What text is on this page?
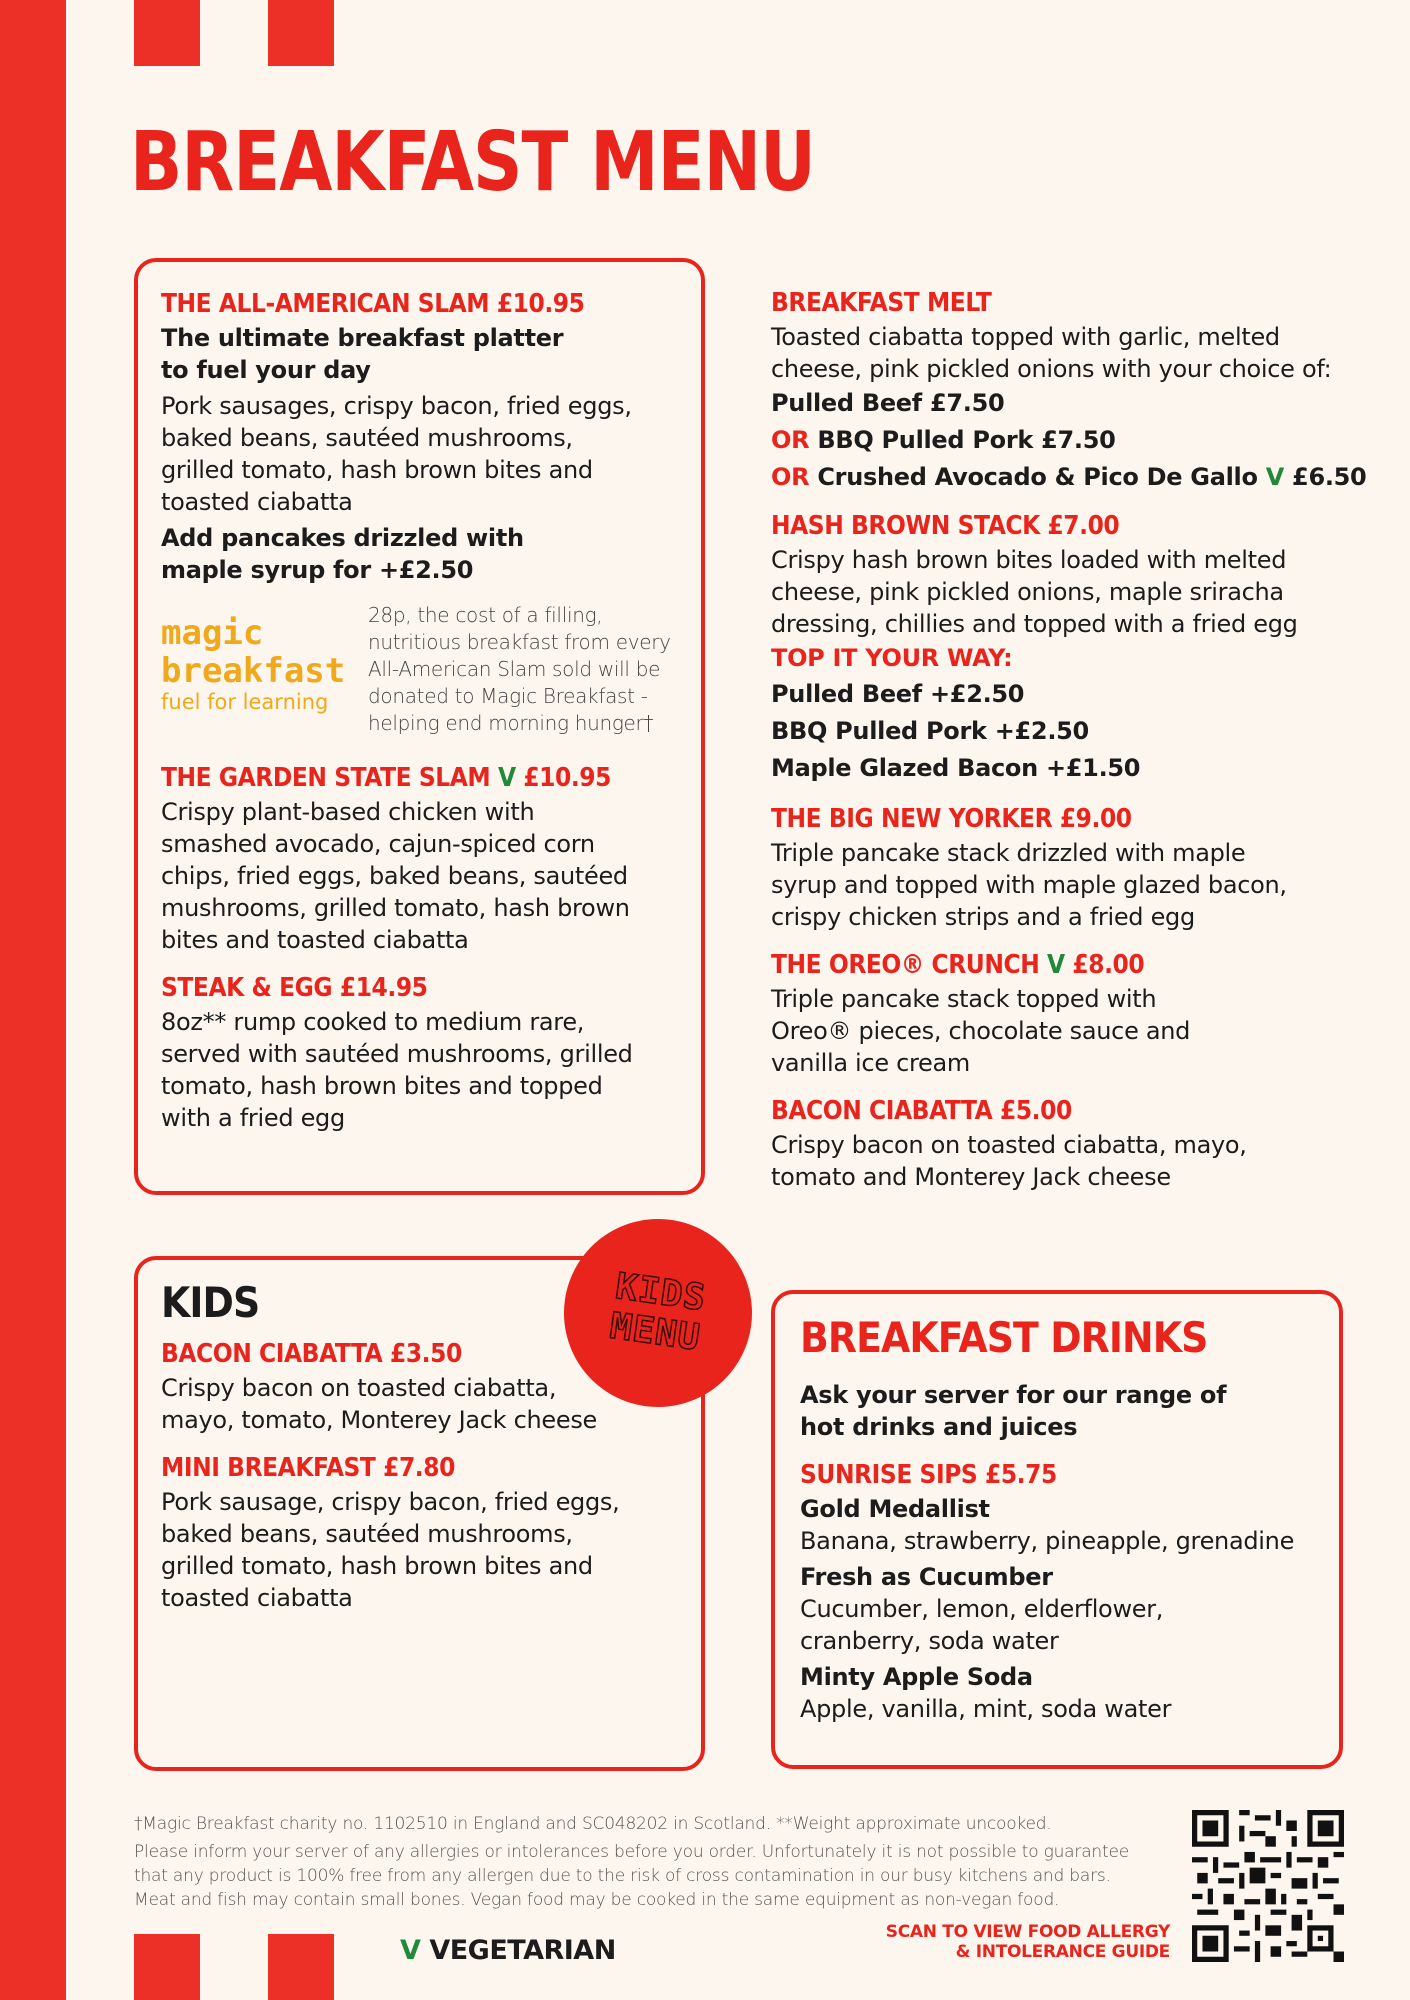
BREAKFAST MENU

THE ALL-AMERICAN SLAM £10.95

The ultimate breakfast platter
to fuel your day

Pork sausages, crispy bacon, fried eggs,
baked beans, sautéed mushrooms,
grilled tomato, hash brown bites and
toasted ciabatta

Add pancakes drizzled with
maple syrup for +£2.50

magic
breakfast
fuel for learning
28p, the cost of a filling,
nutritious breakfast from every
All-American Slam sold will be
donated to Magic Breakfast -
helping end morning hunger†

THE GARDEN STATE SLAM V £10.95

Crispy plant-based chicken with
smashed avocado, cajun-spiced corn
chips, fried eggs, baked beans, sautéed
mushrooms, grilled tomato, hash brown
bites and toasted ciabatta

STEAK & EGG £14.95

8oz** rump cooked to medium rare,
served with sautéed mushrooms, grilled
tomato, hash brown bites and topped
with a fried egg

BREAKFAST MELT

Toasted ciabatta topped with garlic, melted
cheese, pink pickled onions with your choice of:

Pulled Beef £7.50

OR BBQ Pulled Pork £7.50

OR Crushed Avocado & Pico De Gallo V £6.50

HASH BROWN STACK £7.00

Crispy hash brown bites loaded with melted
cheese, pink pickled onions, maple sriracha
dressing, chillies and topped with a fried egg

TOP IT YOUR WAY:

Pulled Beef +£2.50

BBQ Pulled Pork +£2.50

Maple Glazed Bacon +£1.50

THE BIG NEW YORKER £9.00

Triple pancake stack drizzled with maple
syrup and topped with maple glazed bacon,
crispy chicken strips and a fried egg

THE OREO® CRUNCH V £8.00

Triple pancake stack topped with
Oreo® pieces, chocolate sauce and
vanilla ice cream

BACON CIABATTA £5.00

Crispy bacon on toasted ciabatta, mayo,
tomato and Monterey Jack cheese

KIDS

BACON CIABATTA £3.50

Crispy bacon on toasted ciabatta,
mayo, tomato, Monterey Jack cheese

MINI BREAKFAST £7.80

Pork sausage, crispy bacon, fried eggs,
baked beans, sautéed mushrooms,
grilled tomato, hash brown bites and
toasted ciabatta

KIDS
MENU BREAKFAST DRINKS

Ask your server for our range of
hot drinks and juices

SUNRISE SIPS £5.75

Gold Medallist

Banana, strawberry, pineapple, grenadine

Fresh as Cucumber

Cucumber, lemon, elderflower,
cranberry, soda water

Minty Apple Soda

Apple, vanilla, mint, soda water

†Magic Breakfast charity no. 1102510 in England and SC048202 in Scotland. **Weight approximate uncooked.
Please inform your server of any allergies or intolerances before you order. Unfortunately it is not possible to guarantee
that any product is 100% free from any allergen due to the risk of cross contamination in our busy kitchens and bars.
Meat and fish may contain small bones. Vegan food may be cooked in the same equipment as non-vegan food.
V VEGETARIAN
SCAN TO VIEW FOOD ALLERGY
& INTOLERANCE GUIDE
